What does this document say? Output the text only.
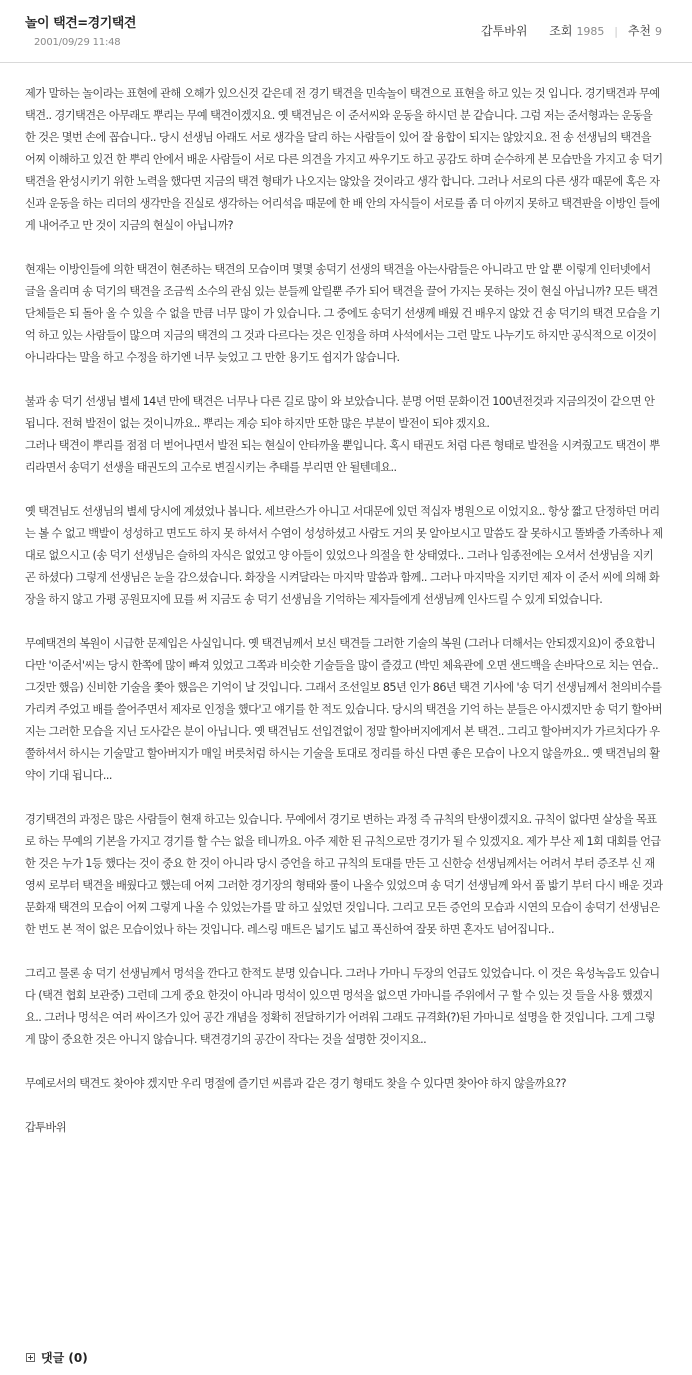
놀이 택견=경기택견
2001/09/29 11:48
갑투바위 조회 1985 | 추천 9

제가 말하는 놀이라는 표현에 관해 오해가 있으신것 같은데 전 경기 택견을 민속놀이 택견으로 표현을 하고 있는 것 입니다. 경기택견과 무예택견.. 경기택견은 아무래도 뿌리는 무예 택견이겠지요. 옛 택견님은 이 준서씨와 운동을 하시던 분 같습니다. 그럼 저는 준서형과는 운동을 한 것은 몇번 손에 꼽습니다.. 당시 선생님 아래도 서로 생각을 달리 하는 사람들이 있어 잘 융합이 되지는 않았지요. 전 송 선생님의 택견을 어찌 이해하고 있건 한 뿌리 안에서 배운 사람들이 서로 다른 의견을 가지고 싸우기도 하고 공감도 하며 순수하게 본 모습만을 가지고 송 덕기 택견을 완성시키기 위한 노력을 했다면 지금의 택견 형태가 나오지는 않았을 것이라고 생각 합니다. 그러나 서로의 다른 생각 때문에 혹은 자신과 운동을 하는 리더의 생각만을 진실로 생각하는 어리석음 때문에 한 배 안의 자식들이 서로를 좀 더 아끼지 못하고 택견판을 이방인 들에게 내어주고 만 것이 지금의 현실이 아닙니까?

현재는 이방인들에 의한 택견이 현존하는 택견의 모습이며 몇몇 송덕기 선생의 택견을 아는사람들은 아니라고 만 알 뿐 이렇게 인터넷에서 글을 올리며 송 덕기의 택견을 조금씩 소수의 관심 있는 분들께 알릴뿐 주가 되어 택견을 끌어 가지는 못하는 것이 현실 아닙니까? 모든 택견 단체들은 되 돌아 올 수 있을 수 없을 만큼 너무 많이 가 있습니다. 그 중에도 송덕기 선생께 배웠 건 배우지 않았 건 송 덕기의 택견 모습을 기억 하고 있는 사람들이 많으며 지금의 택견의 그 것과 다르다는 것은 인정을 하며 사석에서는 그런 말도 나누기도 하지만 공식적으로 이것이 아니라다는 말을 하고 수정을 하기엔 너무 늦었고 그 만한 용기도 쉽지가 않습니다.

불과 송 덕기 선생님 별세 14년 만에 택견은 너무나 다른 길로 많이 와 보았습니다. 분명 어떤 문화이건 100년전것과 지금의것이 같으면 안 됩니다. 전혀 발전이 없는 것이니까요.. 뿌리는 계승 되야 하지만 또한 많은 부분이 발전이 되야 겠지요.
그러나 택견이 뿌리를 점점 더 벋어나면서 발전 되는 현실이 안타까울 뿐입니다. 혹시 태권도 처럼 다른 형태로 발전을 시켜줬고도 택견이 뿌리라면서 송덕기 선생을 태권도의 고수로 변질시키는 추태를 부리면 안 될텐데요..

옛 택견님도 선생님의 별세 당시에 계셨었나 봅니다. 세브란스가 아니고 서대문에 있던 적십자 병원으로 이었지요.. 항상 짧고 단정하던 머리는 볼 수 없고 백발이 성성하고 면도도 하지 못 하셔서 수염이 성성하셨고 사람도 거의 못 알아보시고 말씀도 잘 못하시고 똘봐줄 가족하나 제대로 없으시고 (송 덕기 선생님은 슬하의 자식은 없었고 양 아들이 있었으나 의절을 한 상태였다.. 그러나 임종전에는 오셔서 선생님을 지키곤 하셨다) 그렇게 선생님은 눈을 감으셨습니다. 화장을 시켜달라는 마지막 말씀과 함께.. 그러나 마지막을 지키던 제자 이 준서 씨에 의해 화장을 하지 않고 가평 공원묘지에 묘를 써 지금도 송 덕기 선생님을 기억하는 제자들에게 선생님께 인사드릴 수 있게 되었습니다.

무예택견의 복원이 시급한 문제입은 사실입니다. 옛 택견님께서 보신 택견들 그러한 기술의 복원 (그러나 더해서는 안되겠지요)이 중요합니다만 '이준서'씨는 당시 한쪽에 많이 빠져 있었고 그쪽과 비슷한 기술들을 많이 즐겼고 (박민 체육관에 오면 샌드백을 손바닥으로 치는 연습.. 그것만 했음) 신비한 기술을 쫓아 했음은 기억이 날 것입니다. 그래서 조선일보 85년 인가 86년 택견 기사에 '송 덕기 선생님께서 천의비수를 가리켜 주었고 배를 쓸어주면서 제자로 인정을 했다'고 얘기를 한 적도 있습니다. 당시의 택견을 기억 하는 분들은 아시겠지만 송 덕기 할아버지는 그러한 모습을 지닌 도사같은 분이 아닙니다. 옛 택견님도 선입견없이 정말 할아버지에게서 본 택견.. 그리고 할아버지가 가르치다가 우쭐하셔서 하시는 기술말고 할아버지가 매일 버릇처럼 하시는 기술을 토대로 정리를 하신 다면 좋은 모습이 나오지 않을까요.. 옛 택견님의 활약이 기대 됩니다...

경기택견의 과정은 많은 사람들이 현재 하고는 있습니다. 무예에서 경기로 변하는 과정 즉 규칙의 탄생이겠지요. 규칙이 없다면 살상을 목표로 하는 무예의 기본을 가지고 경기를 할 수는 없을 테니까요. 아주 제한 된 규칙으로만 경기가 될 수 있겠지요. 제가 부산 제 1회 대회를 언급한 것은 누가 1등 했다는 것이 중요 한 것이 아니라 당시 증언을 하고 규칙의 토대를 만든 고 신한승 선생님께서는 어려서 부터 증조부 신 재영씨 로부터 택견을 배웠다고 했는데 어찌 그러한 경기장의 형태와 룰이 나올수 있었으며 송 덕기 선생님께 와서 품 밟기 부터 다시 배운 것과 문화재 택견의 모습이 어찌 그렇게 나올 수 있었는가를 말 하고 싶었던 것입니다. 그리고 모든 증언의 모습과 시연의 모습이 송덕기 선생님은 한 번도 본 적이 없은 모습이었나 하는 것입니다. 레스링 매트은 넓기도 넓고 푹신하여 잘못 하면 혼자도 넘어집니다..

그리고 물론 송 덕기 선생님께서 멍석을 깐다고 한적도 분명 있습니다. 그러나 가마니 두장의 언급도 있었습니다. 이 것은 육성녹음도 있습니다 (택견 협회 보관중) 그런데 그게 중요 한것이 아니라 멍석이 있으면 멍석을 없으면 가마니를 주위에서 구 할 수 있는 것 들을 사용 했겠지요.. 그러나 멍석은 여러 싸이즈가 있어 공간 개념을 정확히 전달하기가 어려워 그래도 규격화(?)된 가마니로 설명을 한 것입니다. 그게 그렇게 많이 중요한 것은 아니지 않습니다. 택견경기의 공간이 작다는 것을 설명한 것이지요..

무예로서의 택견도 찾아야 겠지만 우리 명절에 즐기던 씨름과 같은 경기 형태도 찾을 수 있다면 찾아야 하지 않을까요??

갑투바위

댓글
(0)
